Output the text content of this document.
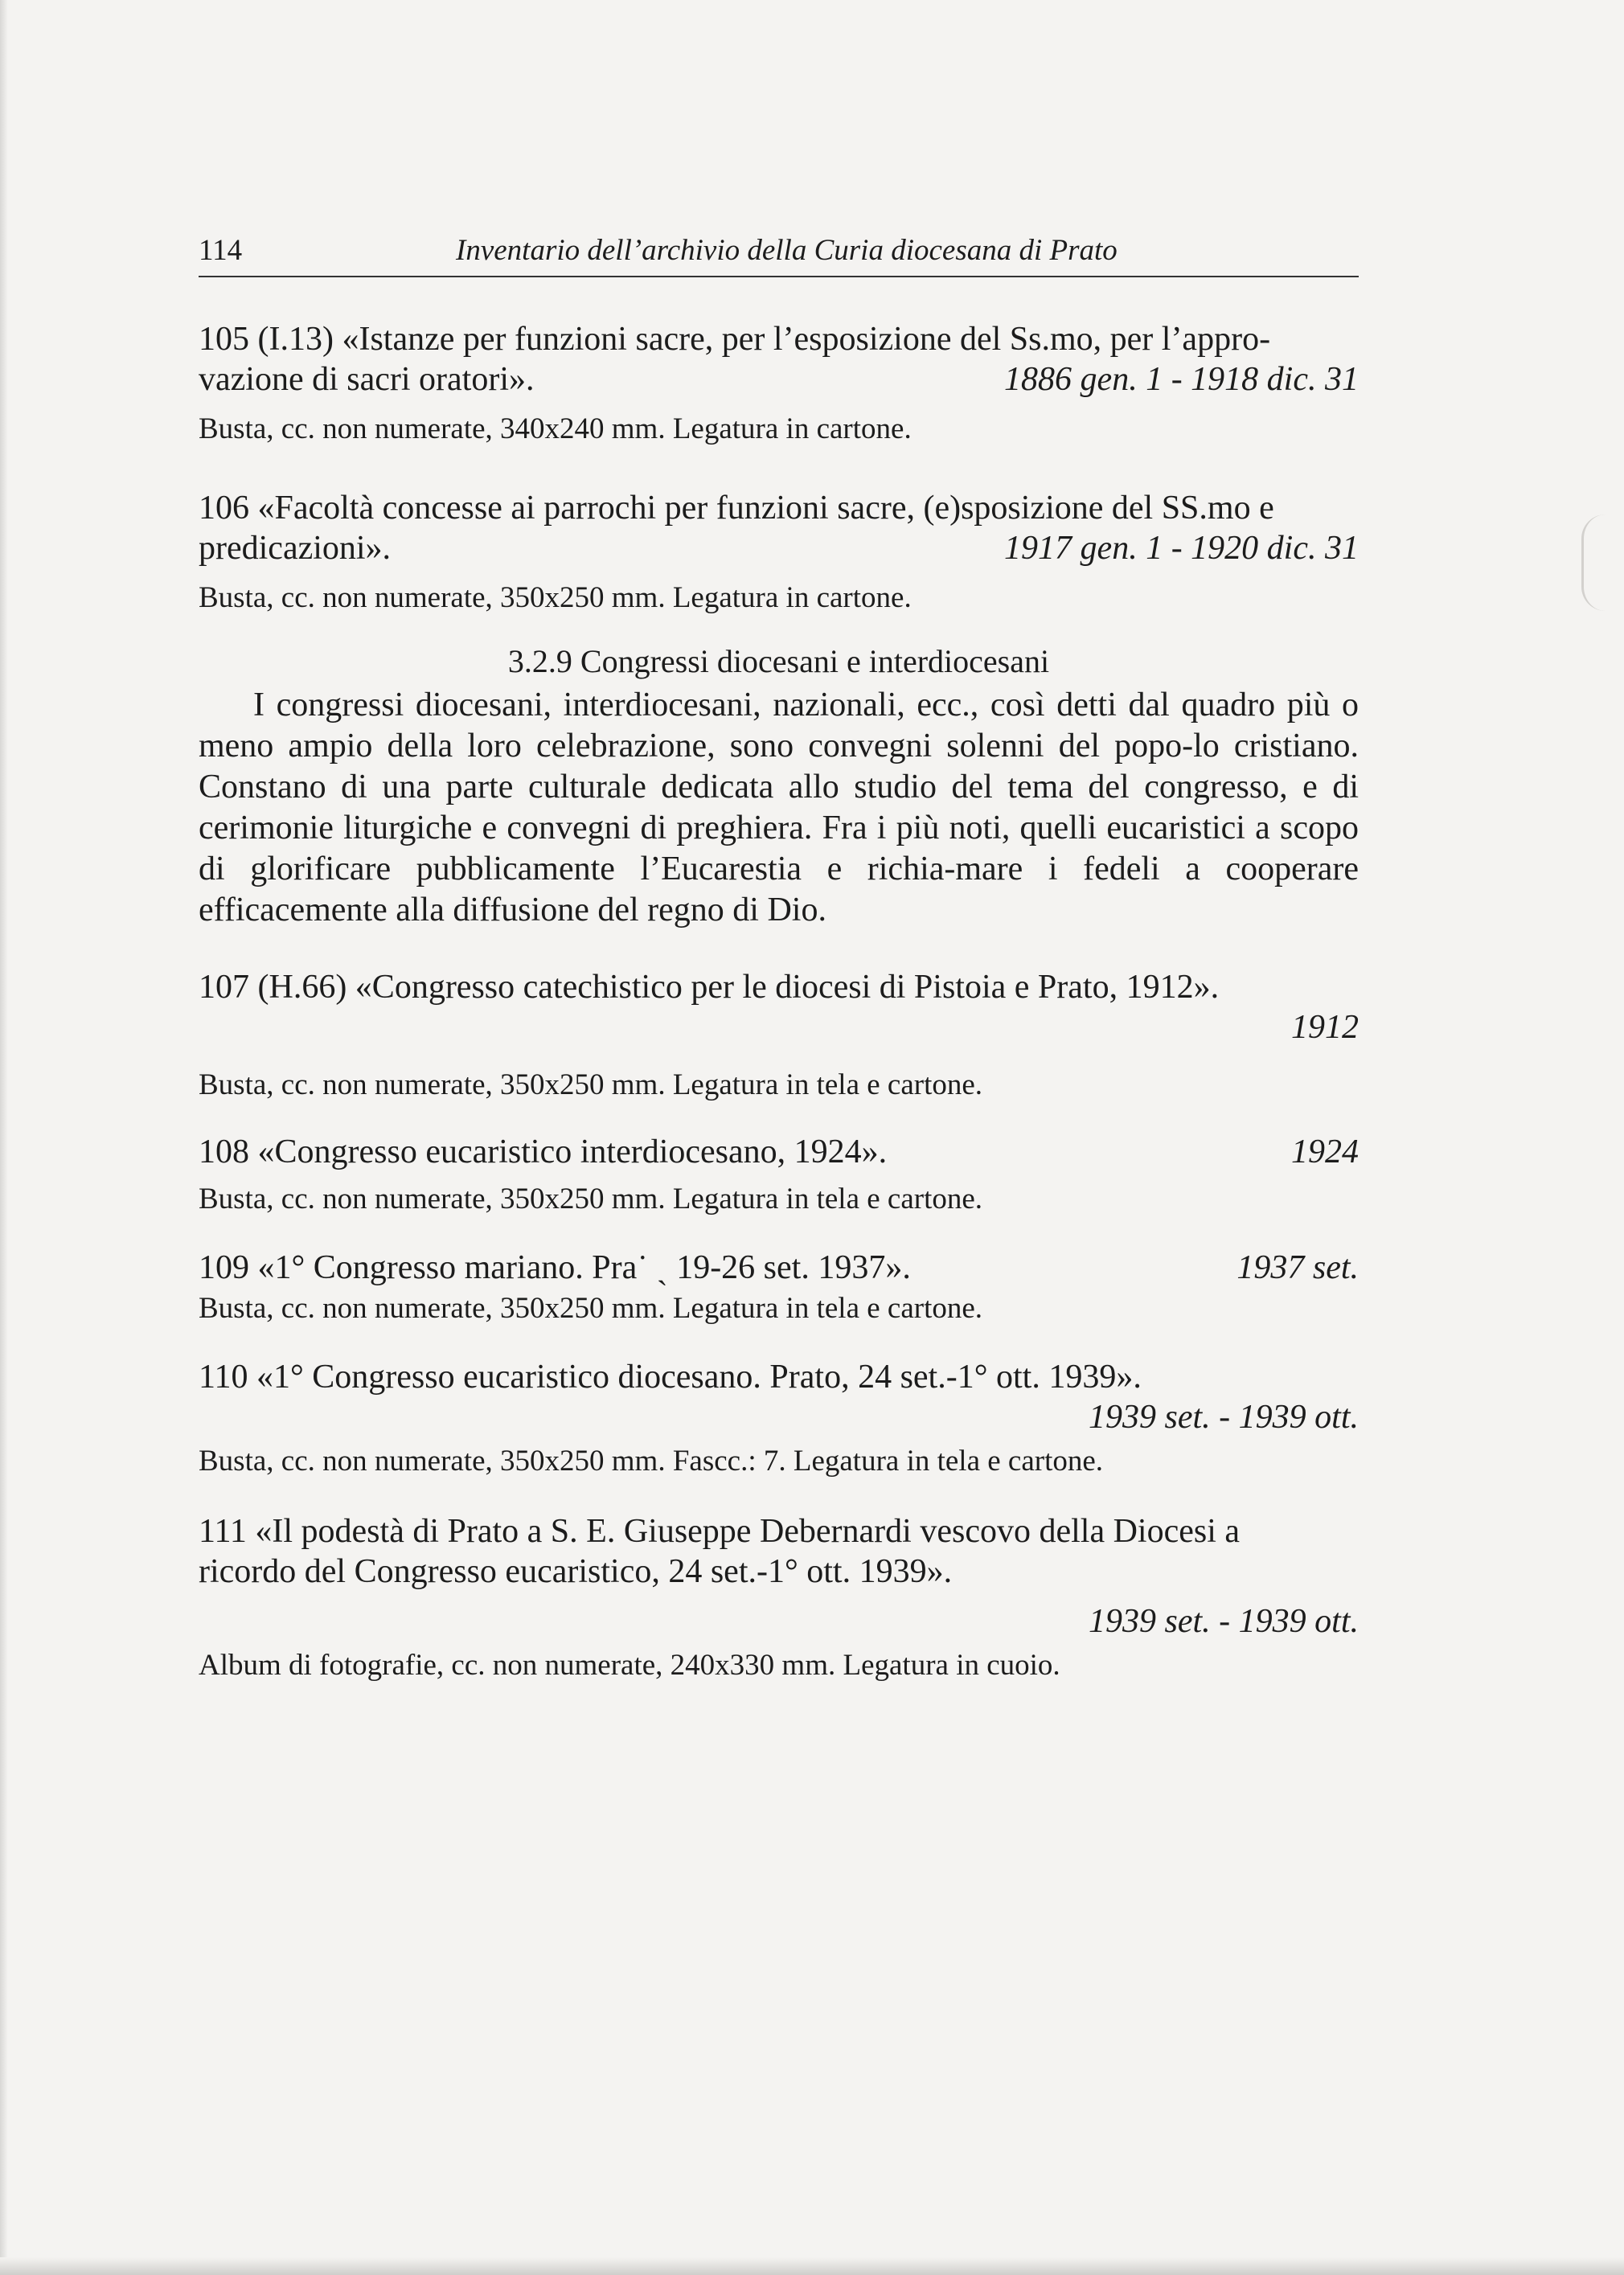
114	Inventario dell’archivio della Curia diocesana di Prato
105 (I.13) «Istanze per funzioni sacre, per l’esposizione del Ss.mo, per l’appro-
vazione di sacri oratori».	1886 gen. 1 - 1918 dic. 31
Busta, cc. non numerate, 340x240 mm. Legatura in cartone.
106 «Facoltà concesse ai parrochi per funzioni sacre, (e)sposizione del SS.mo e
predicazioni».	1917 gen. 1 - 1920 dic. 31
Busta, cc. non numerate, 350x250 mm. Legatura in cartone.
3.2.9 Congressi diocesani e interdiocesani
I congressi diocesani, interdiocesani, nazionali, ecc., così detti dal quadro più o meno ampio della loro celebrazione, sono convegni solenni del popo-lo cristiano. Constano di una parte culturale dedicata allo studio del tema del congresso, e di cerimonie liturgiche e convegni di preghiera. Fra i più noti, quelli eucaristici a scopo di glorificare pubblicamente l’Eucarestia e richia-mare i fedeli a cooperare efficacemente alla diffusione del regno di Dio.
107 (H.66) «Congresso catechistico per le diocesi di Pistoia e Prato, 1912».
1912
Busta, cc. non numerate, 350x250 mm. Legatura in tela e cartone.
108 «Congresso eucaristico interdiocesano, 1924».	1924
Busta, cc. non numerate, 350x250 mm. Legatura in tela e cartone.
109 «1° Congresso mariano. Pra˙ ˎ 19-26 set. 1937».	1937 set.
Busta, cc. non numerate, 350x250 mm. Legatura in tela e cartone.
110 «1° Congresso eucaristico diocesano. Prato, 24 set.-1° ott. 1939».
1939 set. - 1939 ott.
Busta, cc. non numerate, 350x250 mm. Fascc.: 7. Legatura in tela e cartone.
111 «Il podestà di Prato a S. E. Giuseppe Debernardi vescovo della Diocesi a
ricordo del Congresso eucaristico, 24 set.-1° ott. 1939».
1939 set. - 1939 ott.
Album di fotografie, cc. non numerate, 240x330 mm. Legatura in cuoio.
